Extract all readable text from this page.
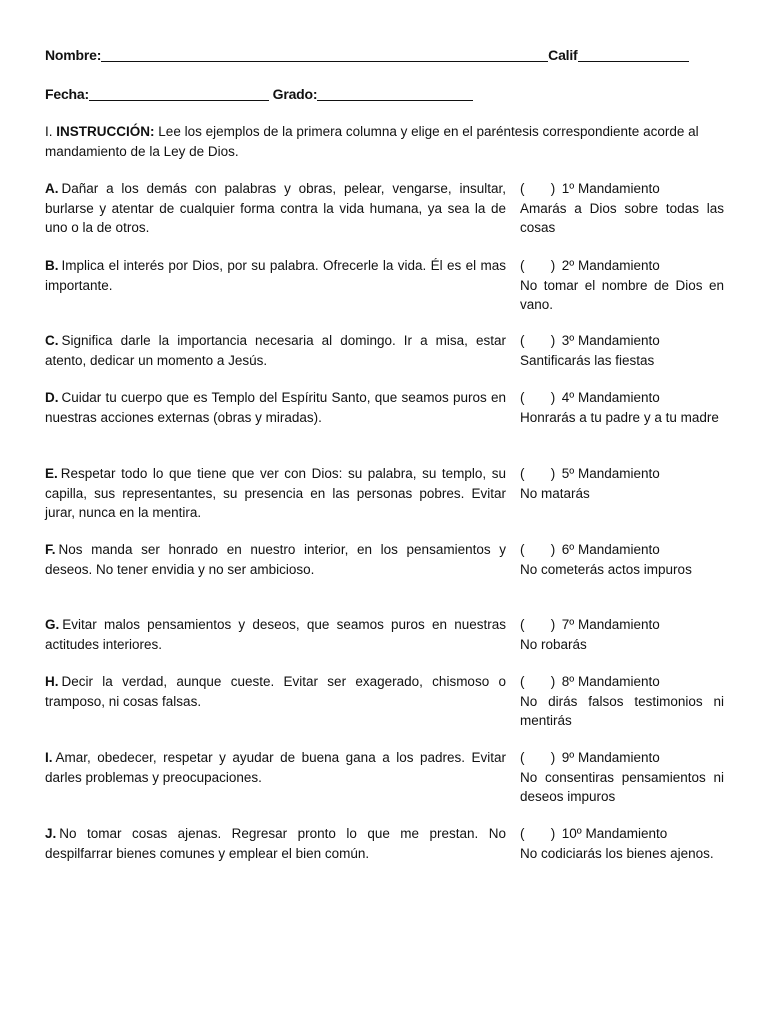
Nombre:	Calif
Fecha:	Grado:
I. INSTRUCCIÓN: Lee los ejemplos de la primera columna y elige en el paréntesis correspondiente acorde al mandamiento de la Ley de Dios.
A. Dañar a los demás con palabras y obras, pelear, vengarse, insultar, burlarse y atentar de cualquier forma contra la vida humana, ya sea la de uno o la de otros.
( ) 1º Mandamiento
Amarás a Dios sobre todas las cosas
B. Implica el interés por Dios, por su palabra. Ofrecerle la vida. Él es el mas importante.
( ) 2º Mandamiento
No tomar el nombre de Dios en vano.
C. Significa darle la importancia necesaria al domingo. Ir a misa, estar atento, dedicar un momento a Jesús.
( ) 3º Mandamiento
Santificarás las fiestas
D. Cuidar tu cuerpo que es Templo del Espíritu Santo, que seamos puros en nuestras acciones externas (obras y miradas).
( ) 4º Mandamiento
Honrarás a tu padre y a tu madre
E. Respetar todo lo que tiene que ver con Dios: su palabra, su templo, su capilla, sus representantes, su presencia en las personas pobres. Evitar jurar, nunca en la mentira.
( ) 5º Mandamiento
No matarás
F. Nos manda ser honrado en nuestro interior, en los pensamientos y deseos. No tener envidia y no ser ambicioso.
( ) 6º Mandamiento
No cometerás actos impuros
G. Evitar malos pensamientos y deseos, que seamos puros en nuestras actitudes interiores.
( ) 7º Mandamiento
No robarás
H. Decir la verdad, aunque cueste. Evitar ser exagerado, chismoso o tramposo, ni cosas falsas.
( ) 8º Mandamiento
No dirás falsos testimonios ni mentirás
I. Amar, obedecer, respetar y ayudar de buena gana a los padres. Evitar darles problemas y preocupaciones.
( ) 9º Mandamiento
No consentiras pensamientos ni deseos impuros
J. No tomar cosas ajenas. Regresar pronto lo que me prestan. No despilfarrar bienes comunes y emplear el bien común.
( ) 10º Mandamiento
No codiciarás los bienes ajenos.
